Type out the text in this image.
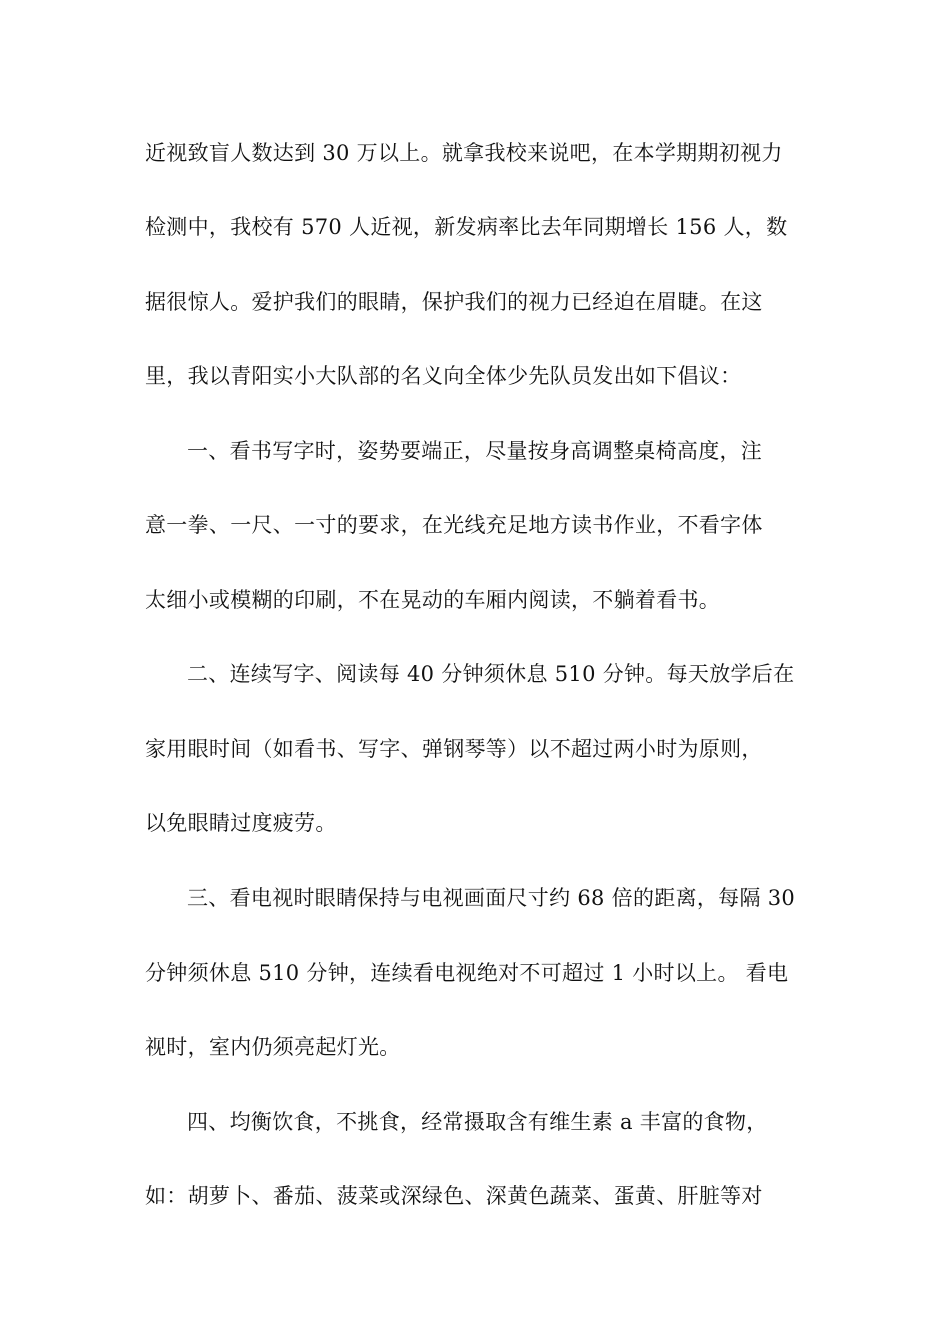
近视致盲人数达到 30 万以上。就拿我校来说吧，在本学期期初视力
检测中，我校有 570 人近视，新发病率比去年同期增长 156 人，数
据很惊人。爱护我们的眼睛，保护我们的视力已经迫在眉睫。在这
里，我以青阳实小大队部的名义向全体少先队员发出如下倡议：
一、看书写字时，姿势要端正，尽量按身高调整桌椅高度，注
意一拳、一尺、一寸的要求，在光线充足地方读书作业，不看字体
太细小或模糊的印刷，不在晃动的车厢内阅读，不躺着看书。
二、连续写字、阅读每 40 分钟须休息 510 分钟。每天放学后在
家用眼时间（如看书、写字、弹钢琴等）以不超过两小时为原则，
以免眼睛过度疲劳。
三、看电视时眼睛保持与电视画面尺寸约 68 倍的距离，每隔 30
分钟须休息 510 分钟，连续看电视绝对不可超过 1 小时以上。 看电
视时，室内仍须亮起灯光。
四、均衡饮食，不挑食，经常摄取含有维生素 a 丰富的食物，
如：胡萝卜、番茄、菠菜或深绿色、深黄色蔬菜、蛋黄、肝脏等对
